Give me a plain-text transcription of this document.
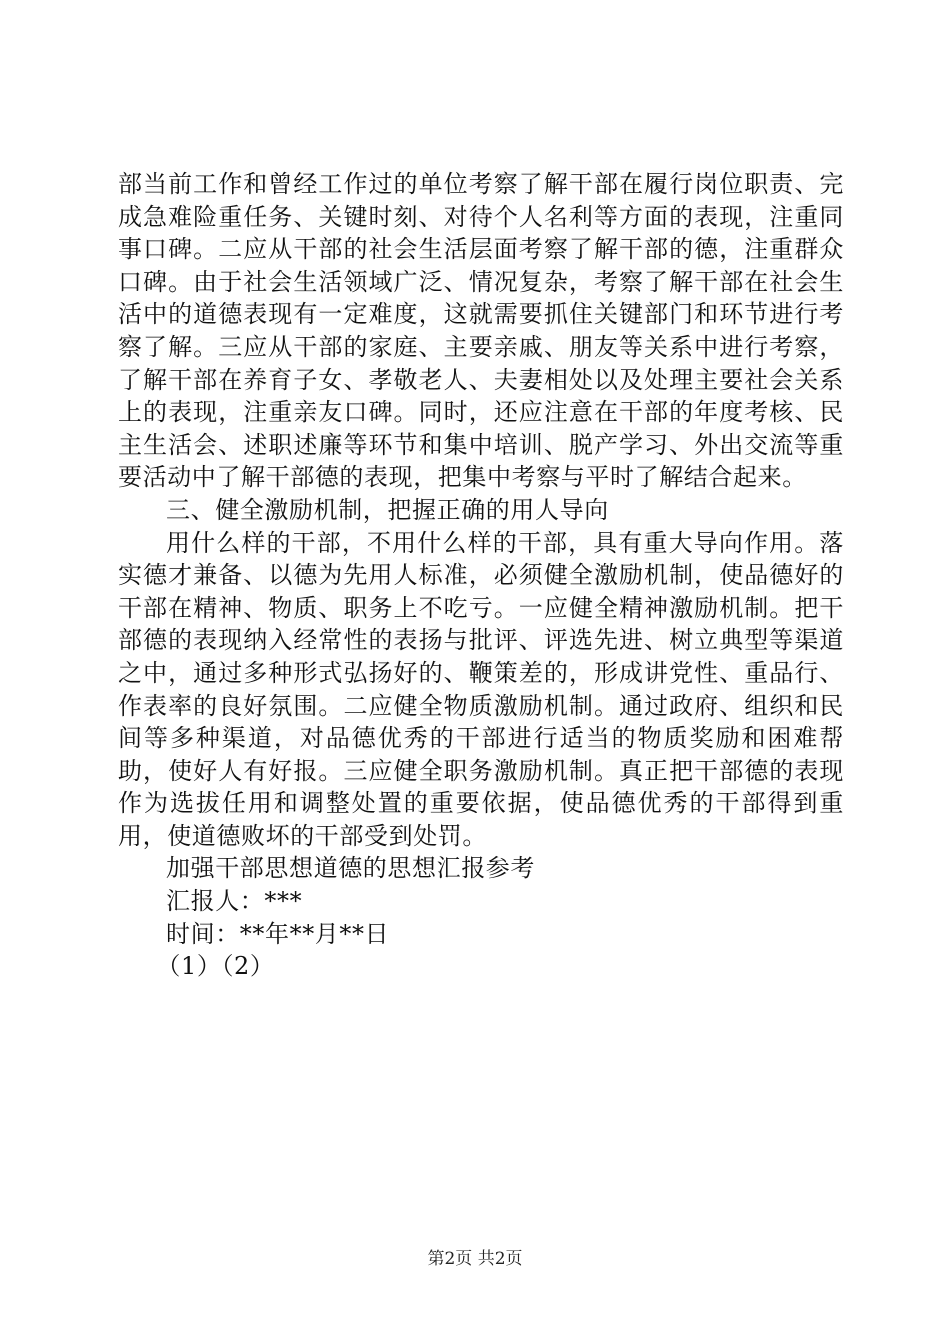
部当前工作和曾经工作过的单位考察了解干部在履行岗位职责、完成急难险重任务、关键时刻、对待个人名利等方面的表现，注重同事口碑。二应从干部的社会生活层面考察了解干部的德，注重群众口碑。由于社会生活领域广泛、情况复杂，考察了解干部在社会生活中的道德表现有一定难度，这就需要抓住关键部门和环节进行考察了解。三应从干部的家庭、主要亲戚、朋友等关系中进行考察，了解干部在养育子女、孝敬老人、夫妻相处以及处理主要社会关系上的表现，注重亲友口碑。同时，还应注意在干部的年度考核、民主生活会、述职述廉等环节和集中培训、脱产学习、外出交流等重要活动中了解干部德的表现，把集中考察与平时了解结合起来。

三、健全激励机制，把握正确的用人导向

用什么样的干部，不用什么样的干部，具有重大导向作用。落实德才兼备、以德为先用人标准，必须健全激励机制，使品德好的干部在精神、物质、职务上不吃亏。一应健全精神激励机制。把干部德的表现纳入经常性的表扬与批评、评选先进、树立典型等渠道之中，通过多种形式弘扬好的、鞭策差的，形成讲党性、重品行、作表率的良好氛围。二应健全物质激励机制。通过政府、组织和民间等多种渠道，对品德优秀的干部进行适当的物质奖励和困难帮助，使好人有好报。三应健全职务激励机制。真正把干部德的表现作为选拔任用和调整处置的重要依据，使品德优秀的干部得到重用，使道德败坏的干部受到处罚。

加强干部思想道德的思想汇报参考

汇报人：***

时间：**年**月**日

（1）（2）

第2页 共2页
